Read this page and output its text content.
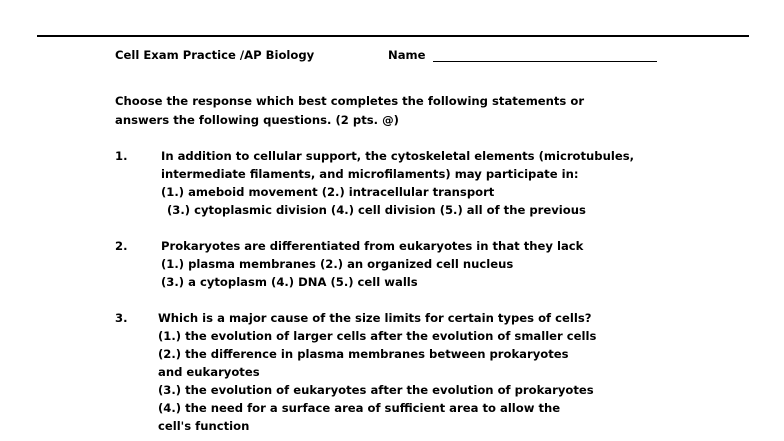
Cell Exam Practice /AP Biology	Name
Choose the response which best completes the following statements or
answers the following questions. (2 pts. @)
1.	In addition to cellular support, the cytoskeletal elements (microtubules,
intermediate filaments, and microfilaments) may participate in:
(1.) ameboid movement (2.) intracellular transport
(3.) cytoplasmic division (4.) cell division (5.) all of the previous
2.	Prokaryotes are differentiated from eukaryotes in that they lack
(1.) plasma membranes (2.) an organized cell nucleus
(3.) a cytoplasm (4.) DNA (5.) cell walls
3.	Which is a major cause of the size limits for certain types of cells?
(1.) the evolution of larger cells after the evolution of smaller cells
(2.) the difference in plasma membranes between prokaryotes
and eukaryotes
(3.) the evolution of eukaryotes after the evolution of prokaryotes
(4.) the need for a surface area of sufficient area to allow the
cell's function
